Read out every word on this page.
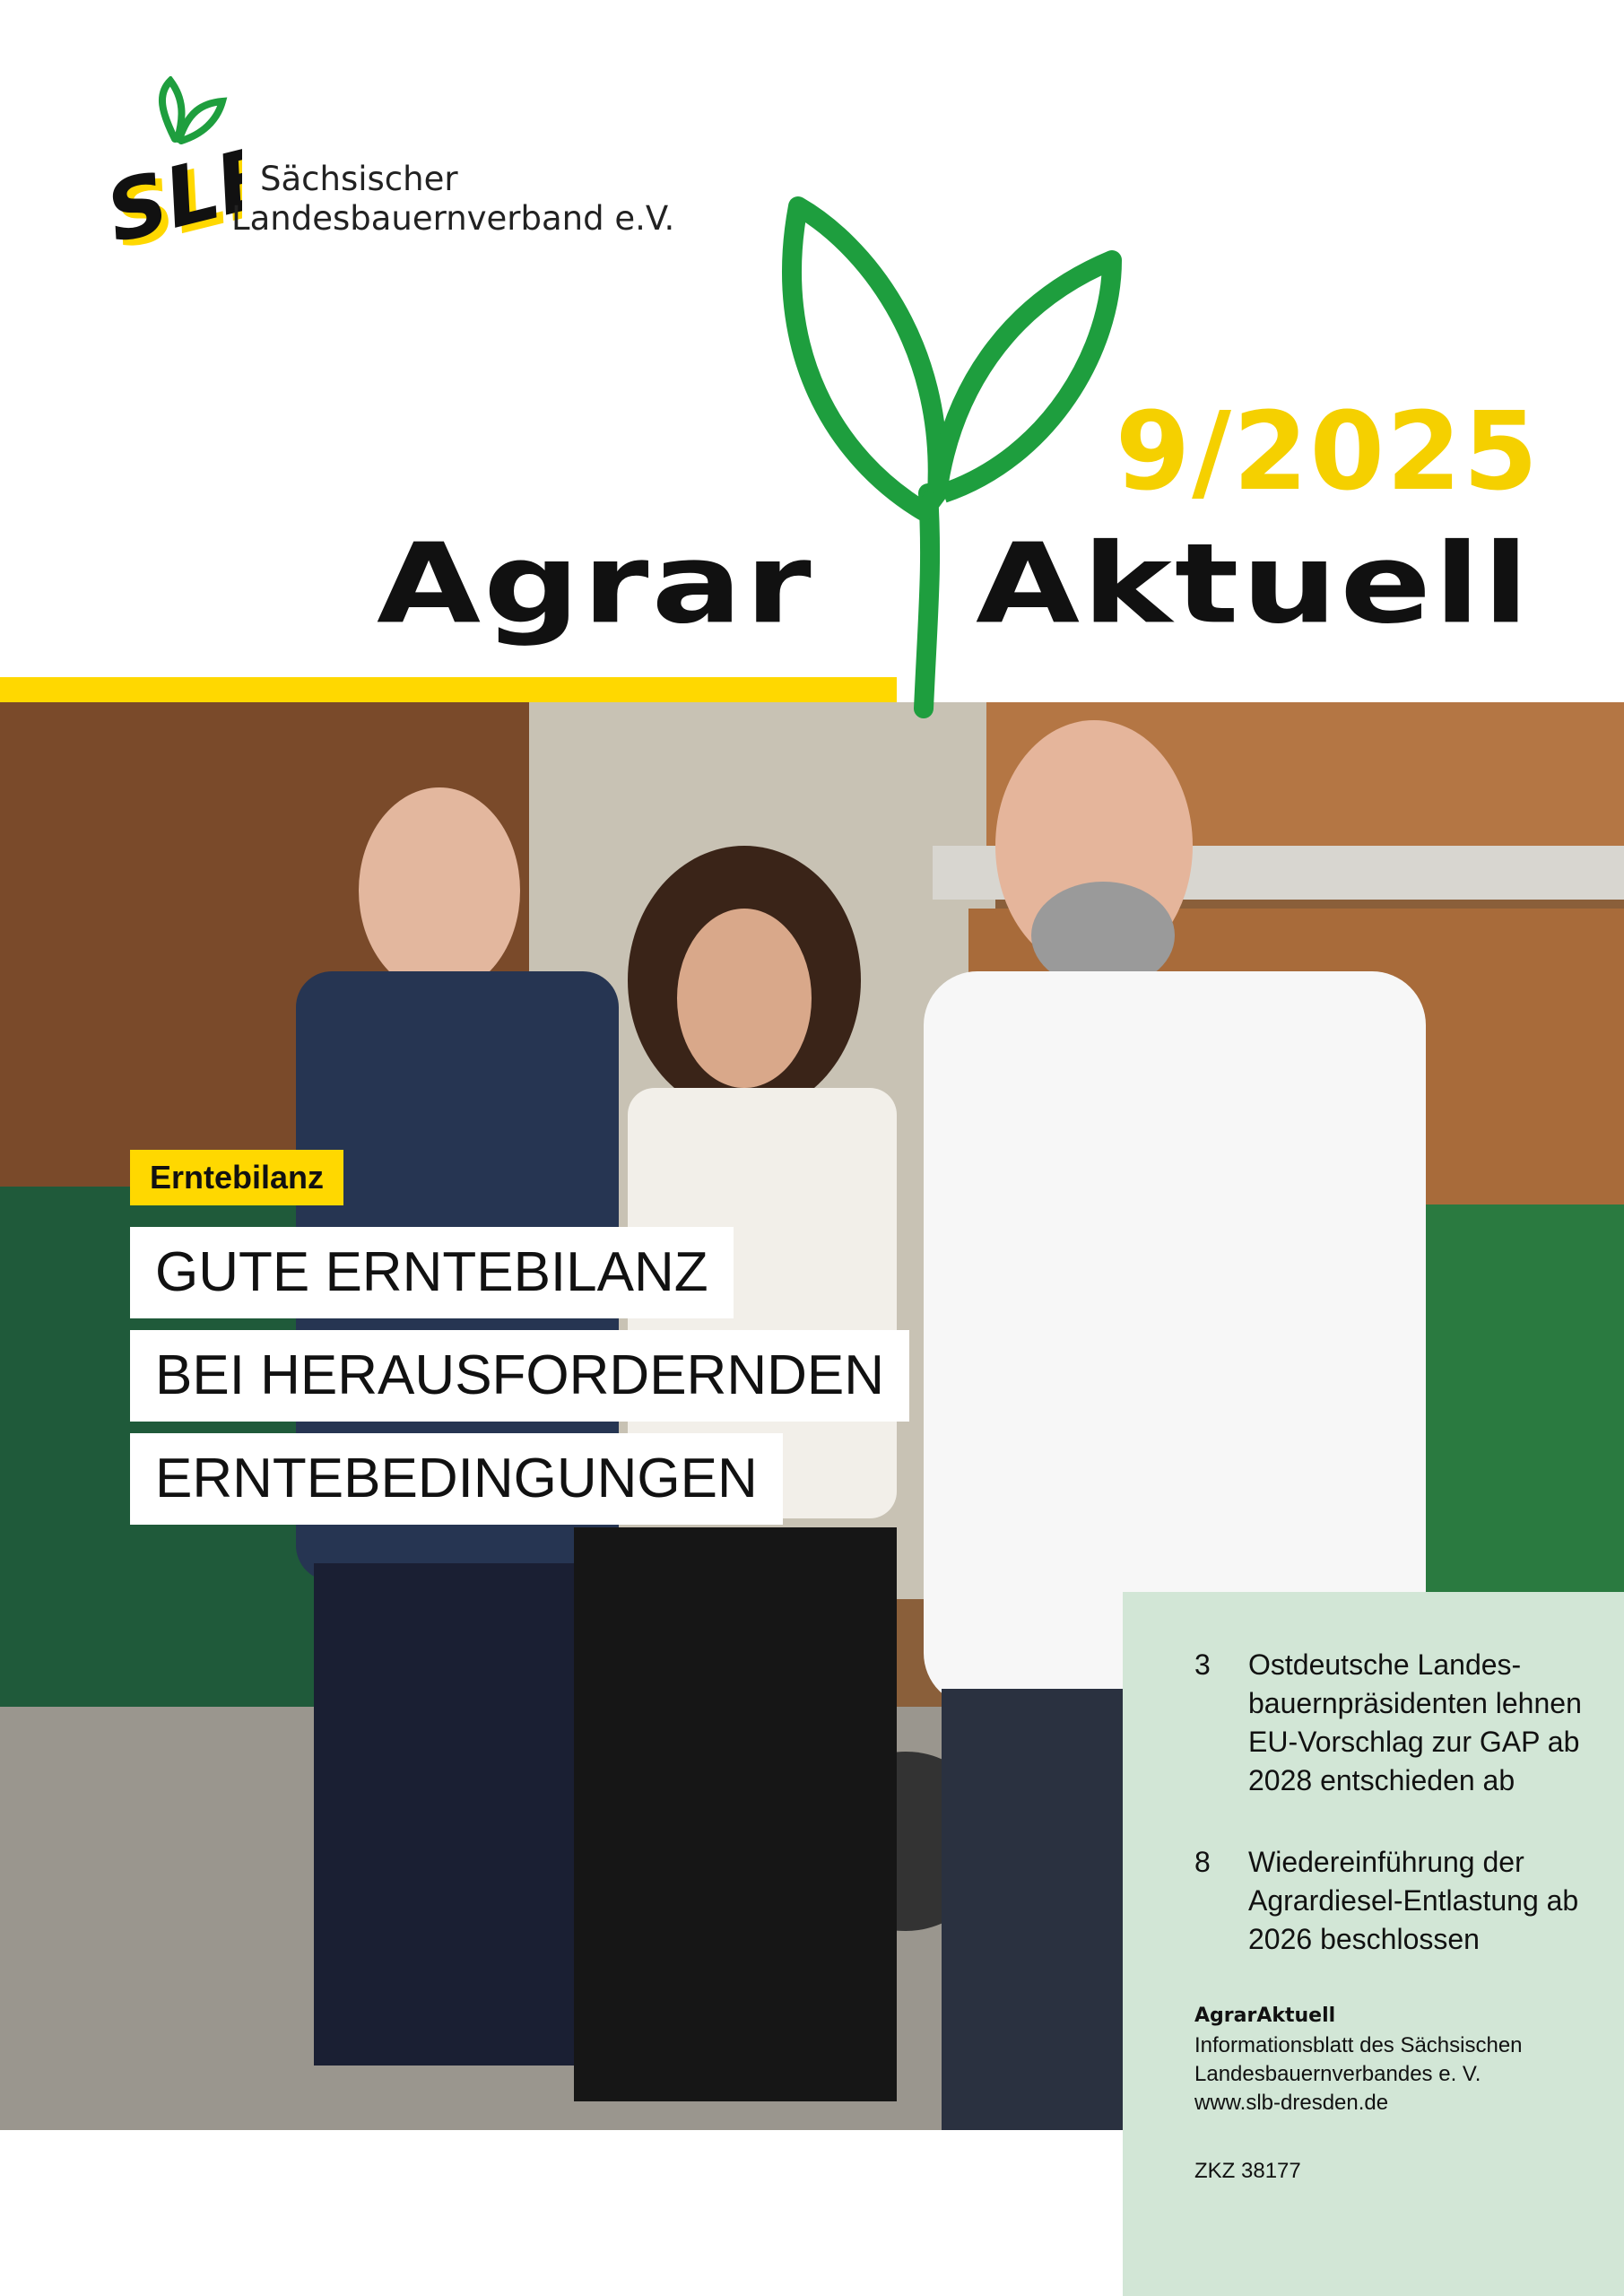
SLB
SLB
Sächsischer
Landesbauernverband e.V.
9/2025
Agrar Aktuell
Erntebilanz
GUTE ERNTEBILANZ
BEI HERAUSFORDERNDEN
ERNTEBEDINGUNGEN
3	Ostdeutsche Landes-bauernpräsidenten lehnen EU-Vorschlag zur GAP ab 2028 entschieden ab
8	Wiedereinführung der Agrardiesel-Entlastung ab 2026 beschlossen
AgrarAktuell
Informationsblatt des Sächsischen
Landesbauernverbandes e. V.
www.slb-dresden.de
ZKZ 38177
